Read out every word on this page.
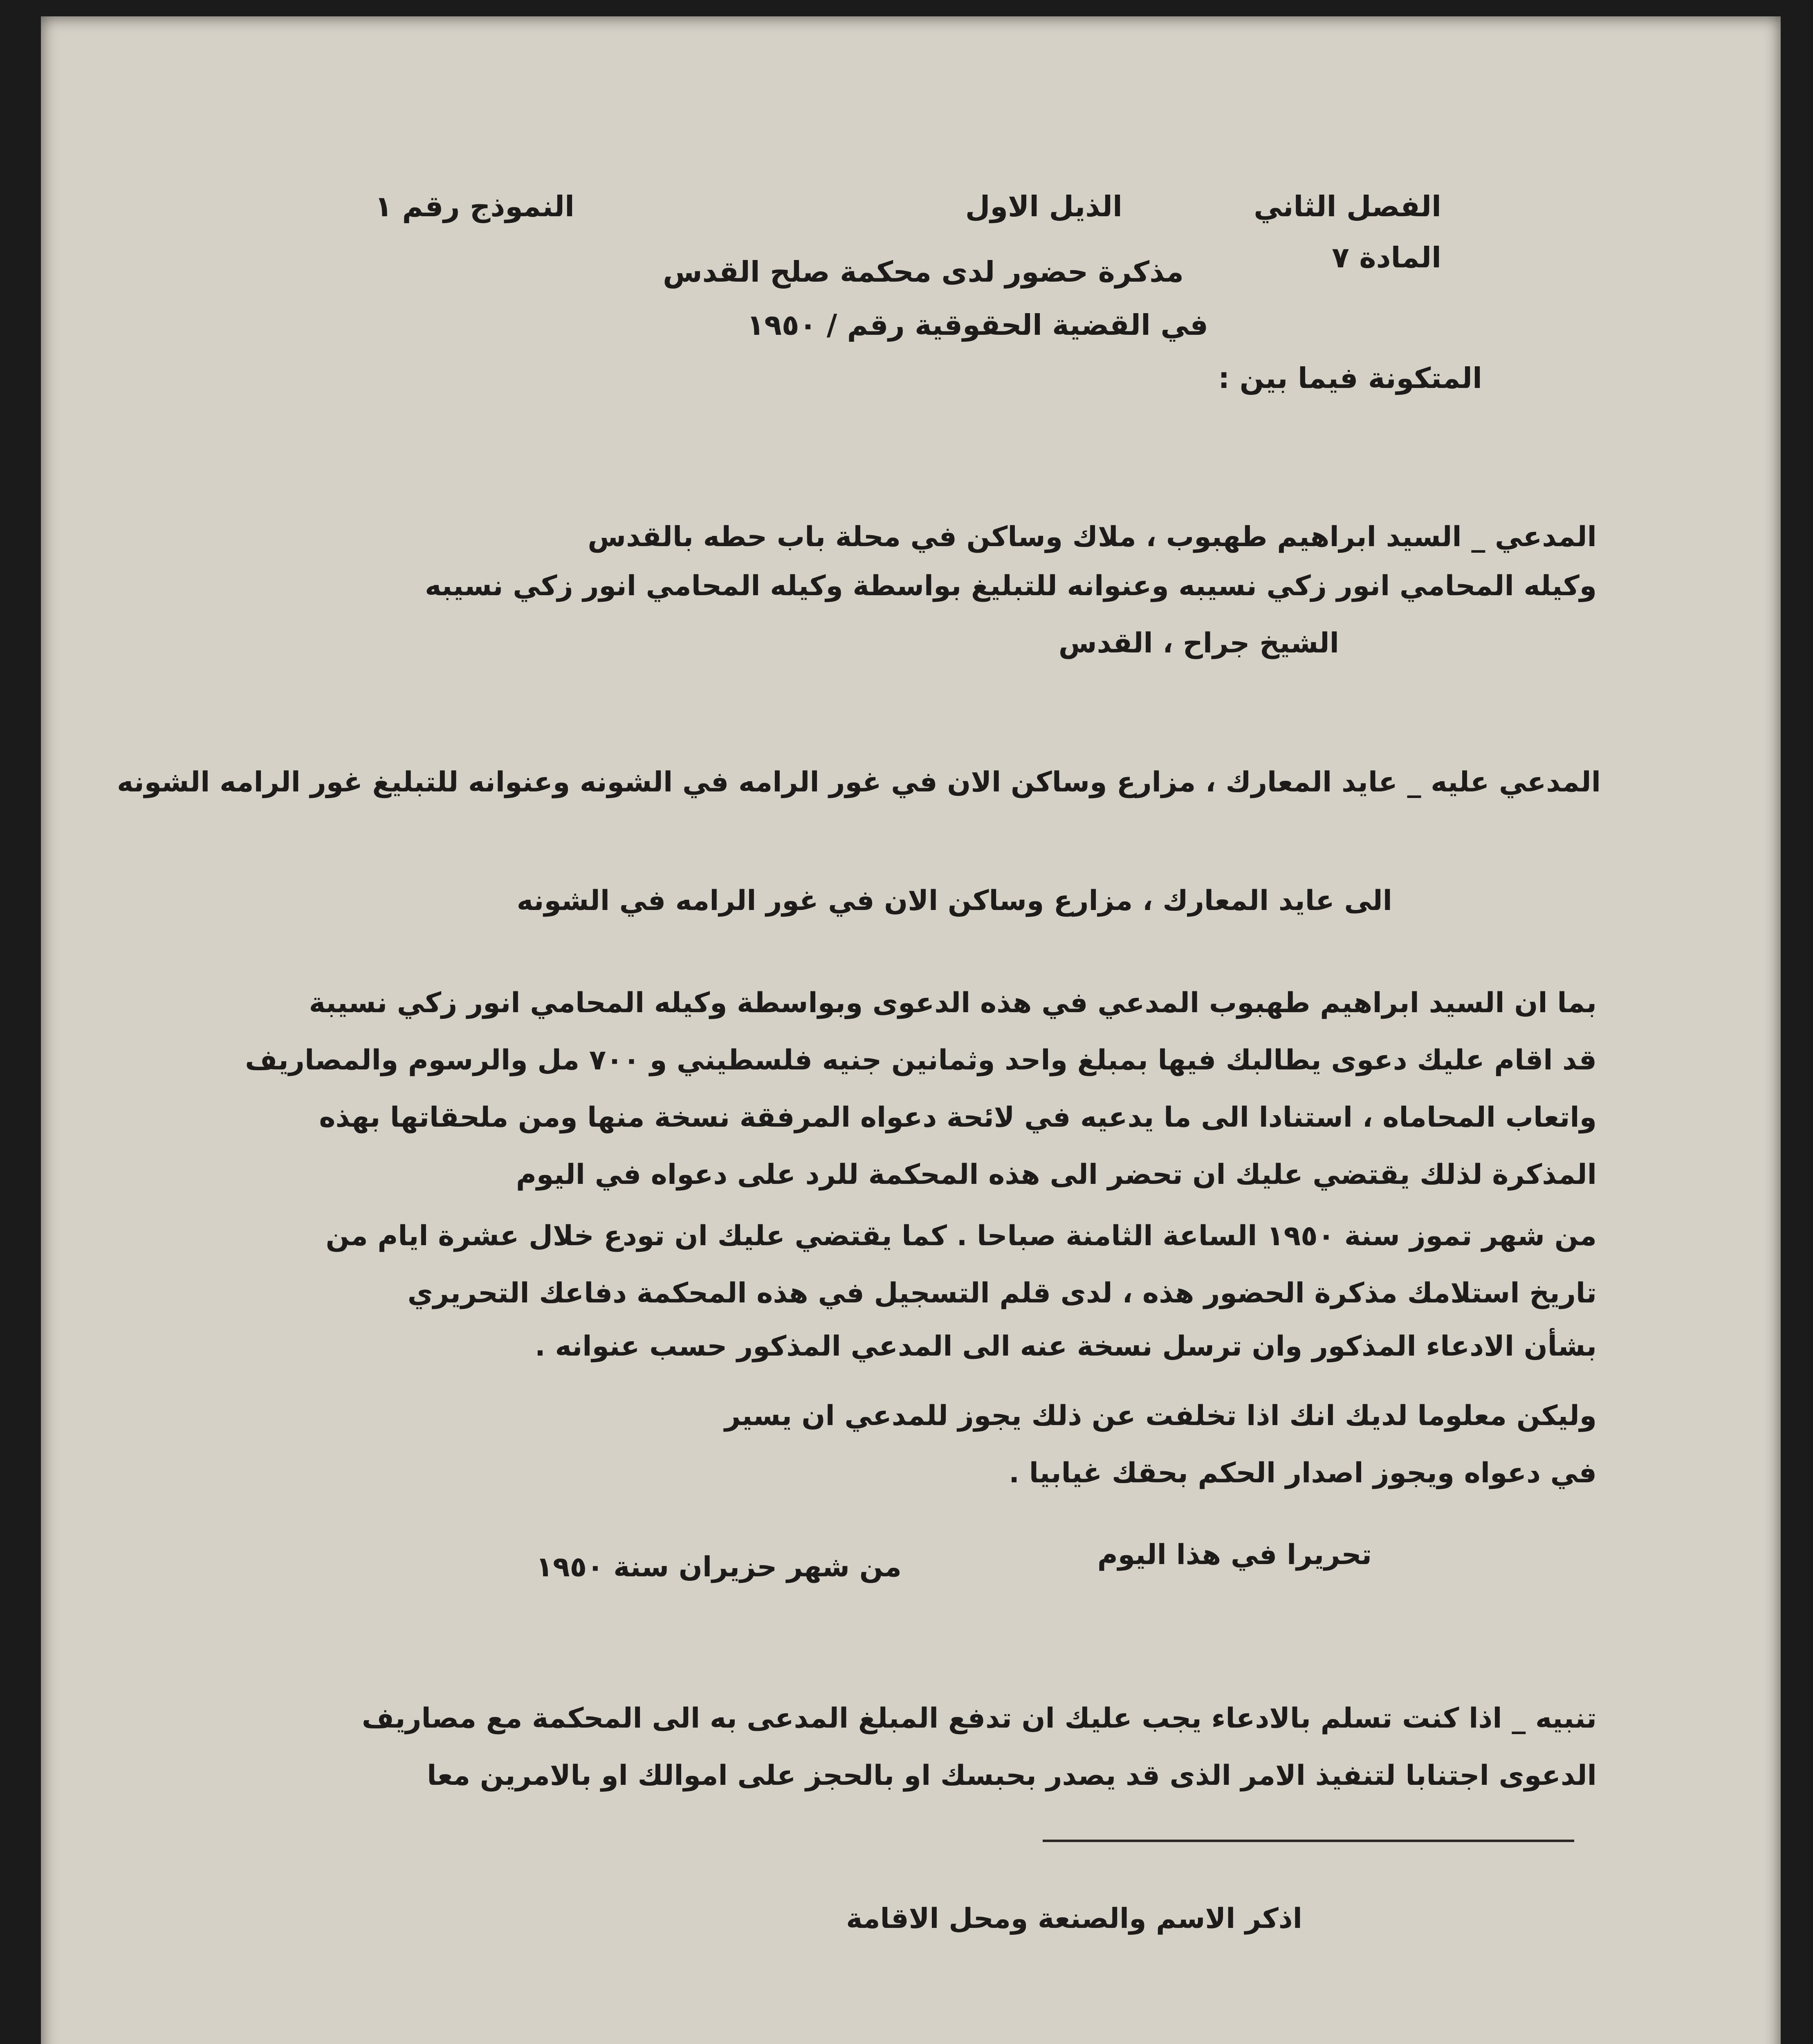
الفصل الثاني

الذيل الاول

النموذج رقم ١

المادة ٧

مذكرة حضور لدى محكمة صلح القدس

في القضية الحقوقية رقم / ١٩٥٠

المتكونة فيما بين :

المدعي _ السيد ابراهيم طهبوب ، ملاك وساكن في محلة باب حطه بالقدس

وكيله المحامي انور زكي نسيبه وعنوانه للتبليغ بواسطة وكيله المحامي انور زكي نسيبه

الشيخ جراح ، القدس

المدعي عليه _ عايد المعارك ، مزارع وساكن الان في غور الرامه في الشونه وعنوانه للتبليغ غور الرامه الشونه

الى عايد المعارك ، مزارع وساكن الان في غور الرامه في الشونه

بما ان السيد ابراهيم طهبوب المدعي في هذه الدعوى وبواسطة وكيله المحامي انور زكي نسيبة

قد اقام عليك دعوى يطالبك فيها بمبلغ واحد وثمانين جنيه فلسطيني و ٧٠٠ مل والرسوم والمصاريف

واتعاب المحاماه ، استنادا الى ما يدعيه في لائحة دعواه المرفقة نسخة منها ومن ملحقاتها بهذه

المذكرة لذلك يقتضي عليك ان تحضر الى هذه المحكمة للرد على دعواه في اليوم

من شهر تموز سنة ١٩٥٠ الساعة الثامنة صباحا . كما يقتضي عليك ان تودع خلال عشرة ايام من

تاريخ استلامك مذكرة الحضور هذه ، لدى قلم التسجيل في هذه المحكمة دفاعك التحريري

بشأن الادعاء المذكور وان ترسل نسخة عنه الى المدعي المذكور حسب عنوانه .

وليكن معلوما لديك انك اذا تخلفت عن ذلك يجوز للمدعي ان يسير

في دعواه ويجوز اصدار الحكم بحقك غيابيا .

تحريرا في هذا اليوم

من شهر حزيران سنة ١٩٥٠

تنبيه _ اذا كنت تسلم بالادعاء يجب عليك ان تدفع المبلغ المدعى به الى المحكمة مع مصاريف

الدعوى اجتنابا لتنفيذ الامر الذى قد يصدر بحبسك او بالحجز على اموالك او بالامرين معا

اذكر الاسم والصنعة ومحل الاقامة
